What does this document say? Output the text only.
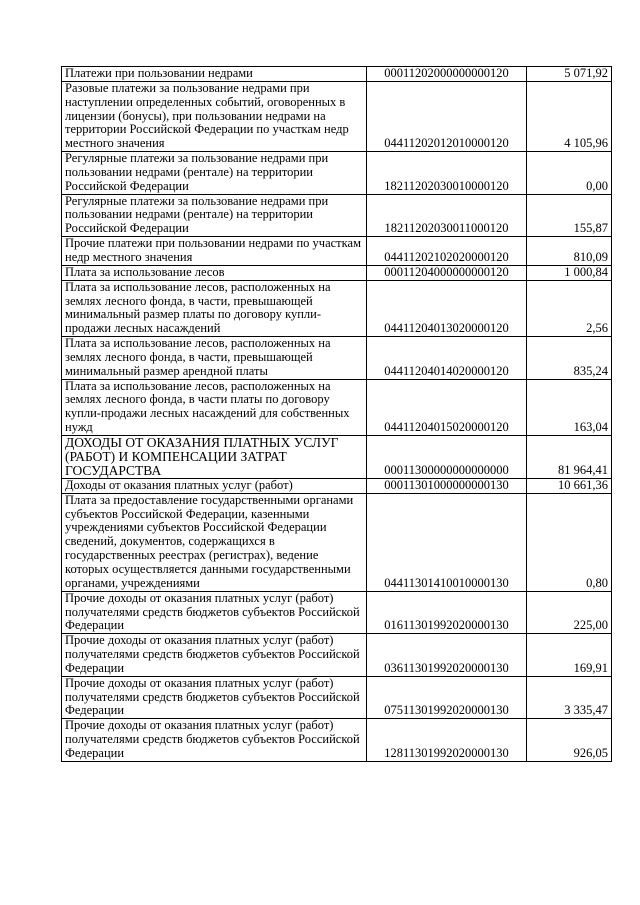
Платежи при пользовании недрами	00011202000000000120	5 071,92
Разовые платежи за пользование недрами при наступлении определенных событий, оговоренных в лицензии (бонусы), при пользовании недрами на территории Российской Федерации по участкам недр местного значения	04411202012010000120	4 105,96
Регулярные платежи за пользование недрами при пользовании недрами (рентале) на территории Российской Федерации	18211202030010000120	0,00
Регулярные платежи за пользование недрами при пользовании недрами (рентале) на территории Российской Федерации	18211202030011000120	155,87
Прочие платежи при пользовании недрами по участкам недр местного значения	04411202102020000120	810,09
Плата за использование лесов	00011204000000000120	1 000,84
Плата за использование лесов, расположенных на землях лесного фонда, в части, превышающей минимальный размер платы по договору купли-продажи лесных насаждений	04411204013020000120	2,56
Плата за использование лесов, расположенных на землях лесного фонда, в части, превышающей минимальный размер арендной платы	04411204014020000120	835,24
Плата за использование лесов, расположенных на землях лесного фонда, в части платы по договору купли-продажи лесных насаждений для собственных нужд	04411204015020000120	163,04
ДОХОДЫ ОТ ОКАЗАНИЯ ПЛАТНЫХ УСЛУГ (РАБОТ) И КОМПЕНСАЦИИ ЗАТРАТ ГОСУДАРСТВА	00011300000000000000	81 964,41
Доходы от оказания платных услуг (работ)	00011301000000000130	10 661,36
Плата за предоставление государственными органами субъектов Российской Федерации, казенными учреждениями субъектов Российской Федерации сведений, документов, содержащихся в государственных реестрах (регистрах), ведение которых осуществляется данными государственными органами, учреждениями	04411301410010000130	0,80
Прочие доходы от оказания платных услуг (работ) получателями средств бюджетов субъектов Российской Федерации	01611301992020000130	225,00
Прочие доходы от оказания платных услуг (работ) получателями средств бюджетов субъектов Российской Федерации	03611301992020000130	169,91
Прочие доходы от оказания платных услуг (работ) получателями средств бюджетов субъектов Российской Федерации	07511301992020000130	3 335,47
Прочие доходы от оказания платных услуг (работ) получателями средств бюджетов субъектов Российской Федерации	12811301992020000130	926,05
